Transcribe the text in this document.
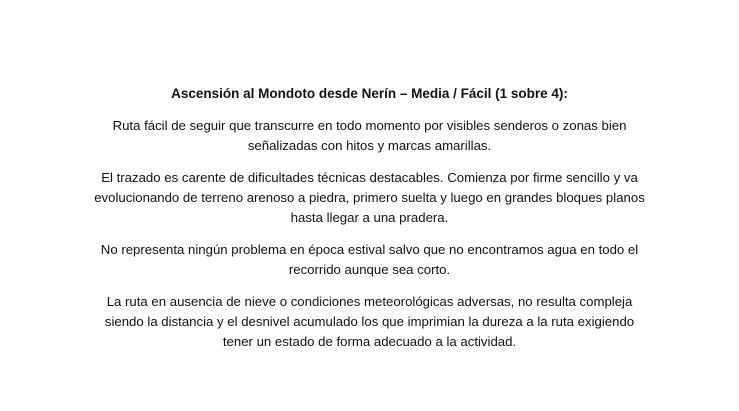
Ascensión al Mondoto desde Nerín – Media / Fácil (1 sobre 4):
Ruta fácil de seguir que transcurre en todo momento por visibles senderos o zonas bien
señalizadas con hitos y marcas amarillas.
El trazado es carente de dificultades técnicas destacables. Comienza por firme sencillo y va
evolucionando de terreno arenoso a piedra, primero suelta y luego en grandes bloques planos
hasta llegar a una pradera.
No representa ningún problema en época estival salvo que no encontramos agua en todo el
recorrido aunque sea corto.
La ruta en ausencia de nieve o condiciones meteorológicas adversas, no resulta compleja
siendo la distancia y el desnivel acumulado los que imprimian la dureza a la ruta exigiendo
tener un estado de forma adecuado a la actividad.
